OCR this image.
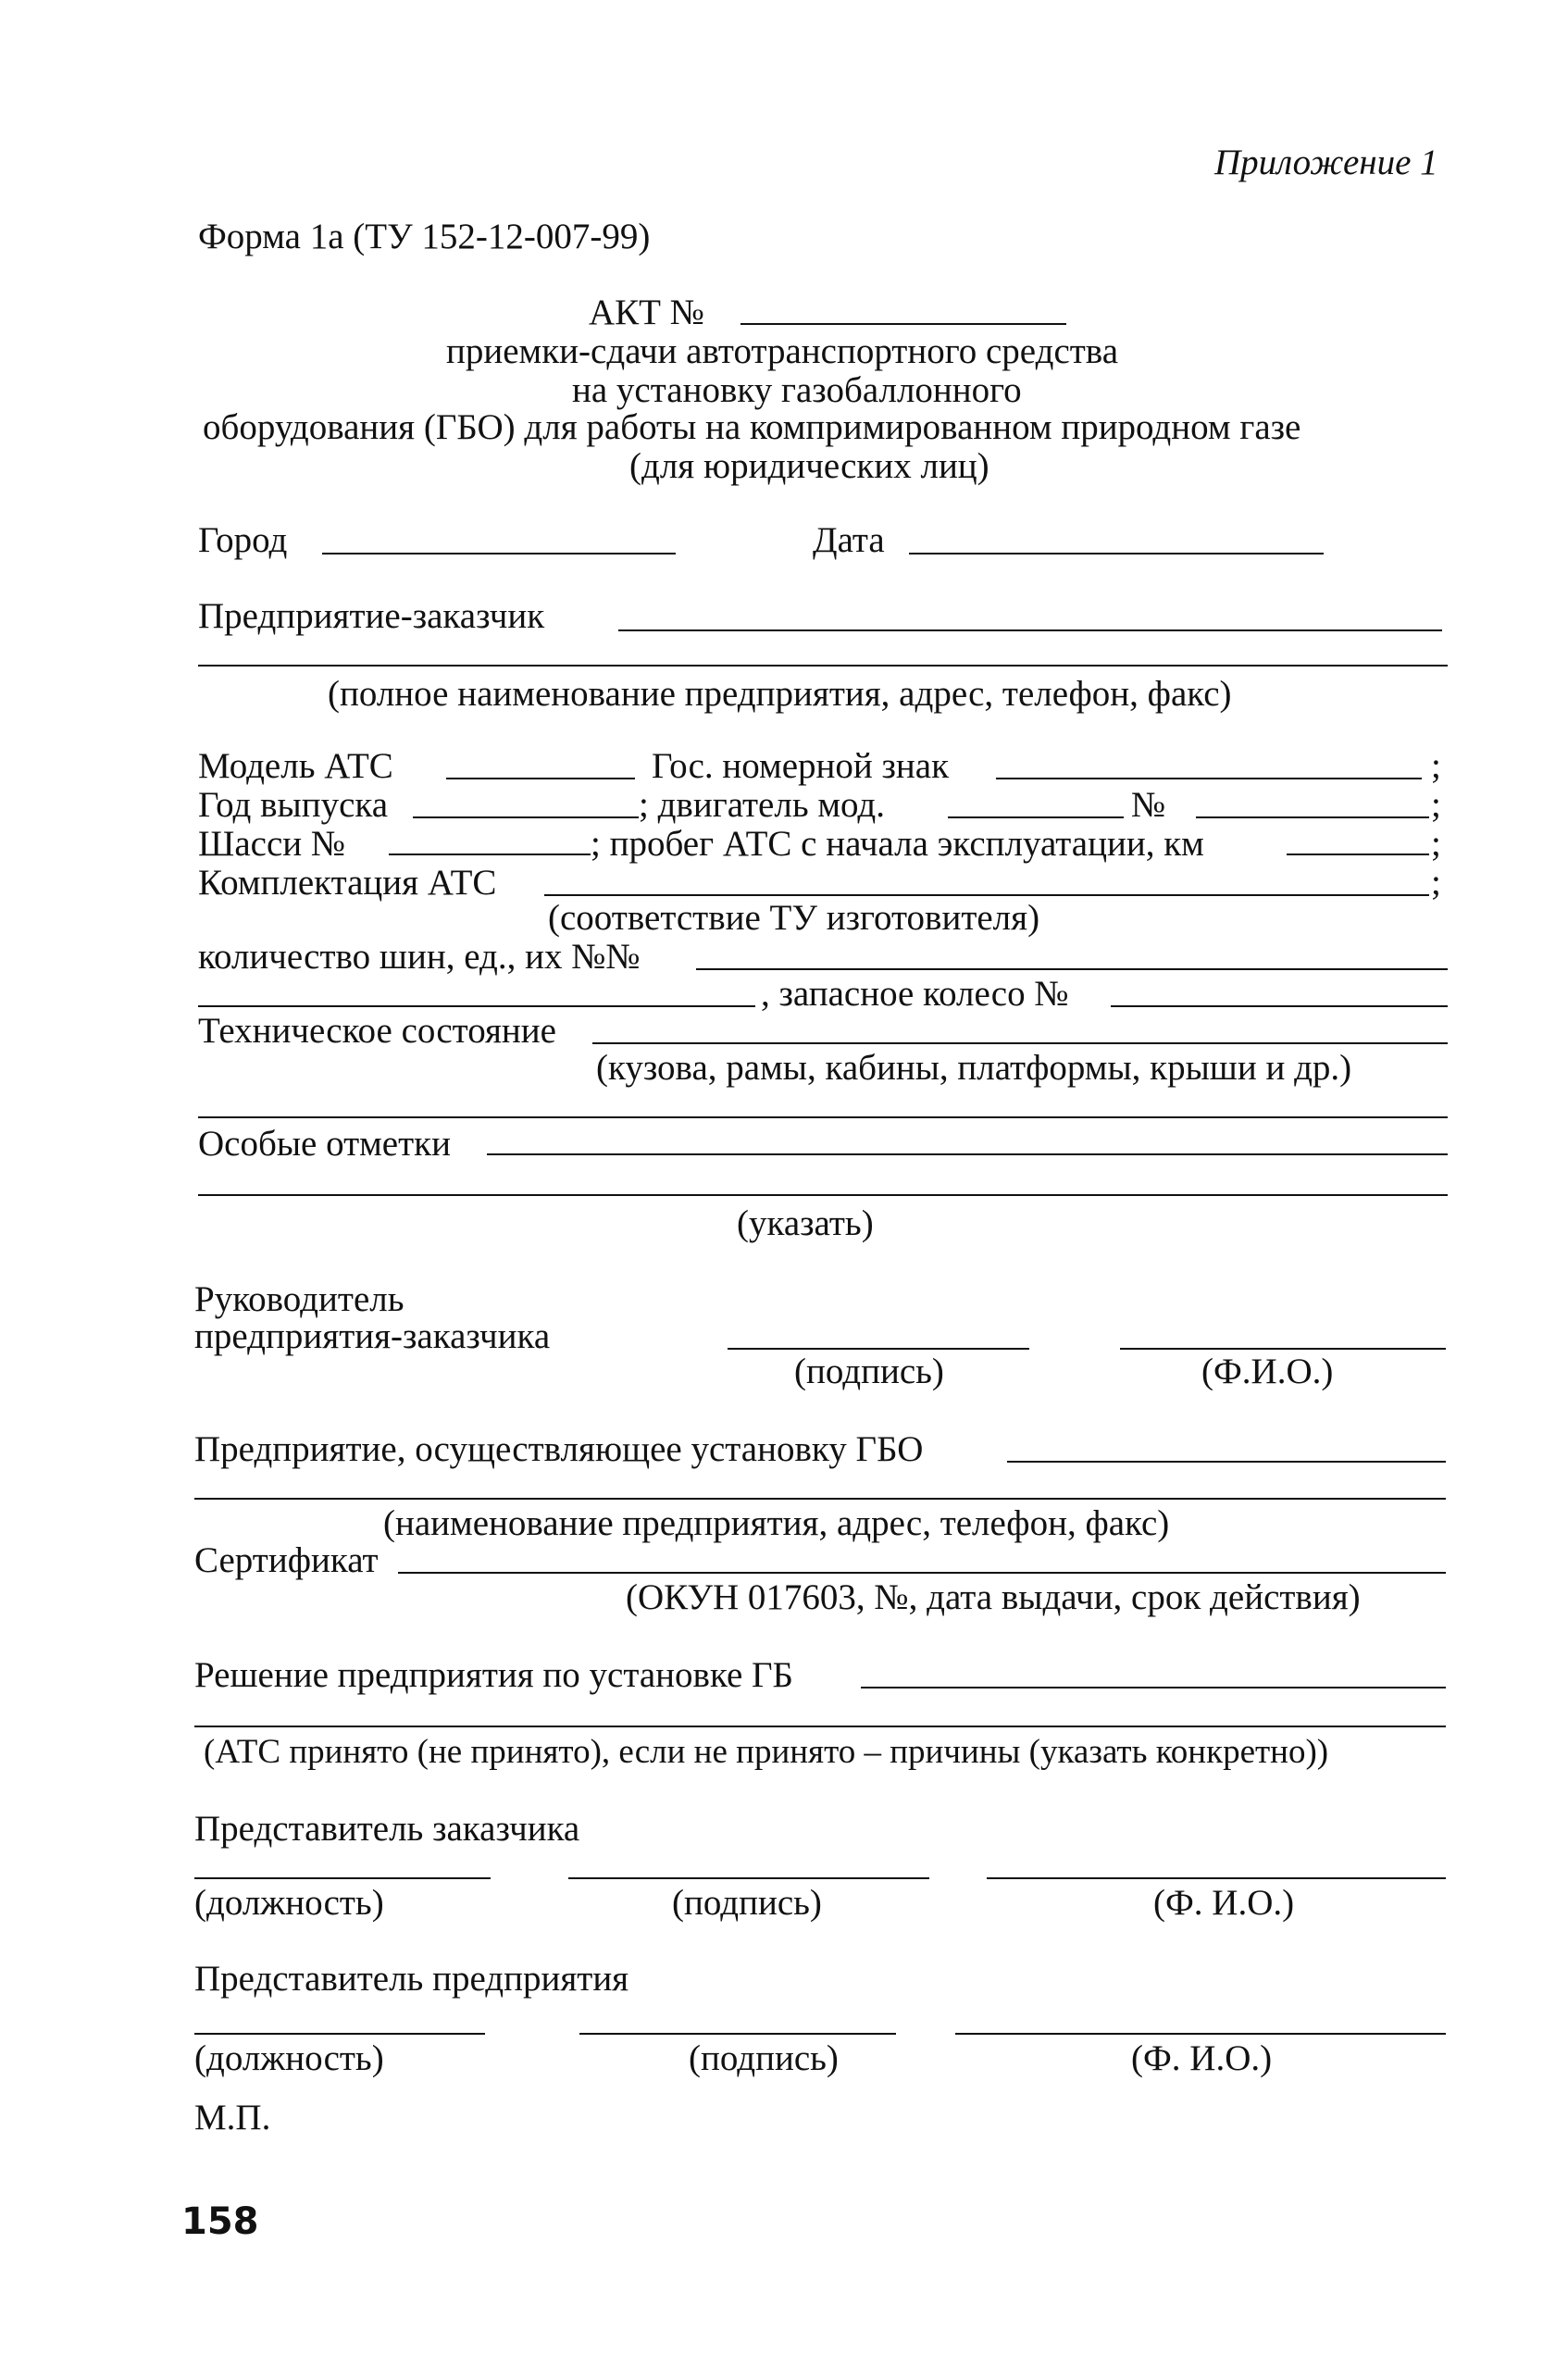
Приложение 1
Форма 1а (ТУ 152-12-007-99)
АКТ №
приемки-сдачи автотранспортного средства
на установку газобаллонного
оборудования (ГБО) для работы на компримированном природном газе
(для юридических лиц)
Город	Дата
Предприятие-заказчик
(полное наименование предприятия, адрес, телефон, факс)
Модель АТС	Гос. номерной знак	;
Год выпуска	; двигатель мод.	№	;
Шасси №	; пробег АТС с начала эксплуатации, км	;
Комплектация АТС	;
(соответствие ТУ изготовителя)
количество шин, ед., их №№
, запасное колесо №
Техническое состояние
(кузова, рамы, кабины, платформы, крыши и др.)
Особые отметки
(указать)
Руководитель
предприятия-заказчика
(подпись)	(Ф.И.О.)
Предприятие, осуществляющее установку ГБО
(наименование предприятия, адрес, телефон, факс)
Сертификат
(ОКУН 017603, №, дата выдачи, срок действия)
Решение предприятия по установке ГБ
(АТС принято (не принято), если не принято – причины (указать конкретно))
Представитель заказчика
(должность)	(подпись)	(Ф. И.О.)
Представитель предприятия
(должность)	(подпись)	(Ф. И.О.)
М.П.
158
